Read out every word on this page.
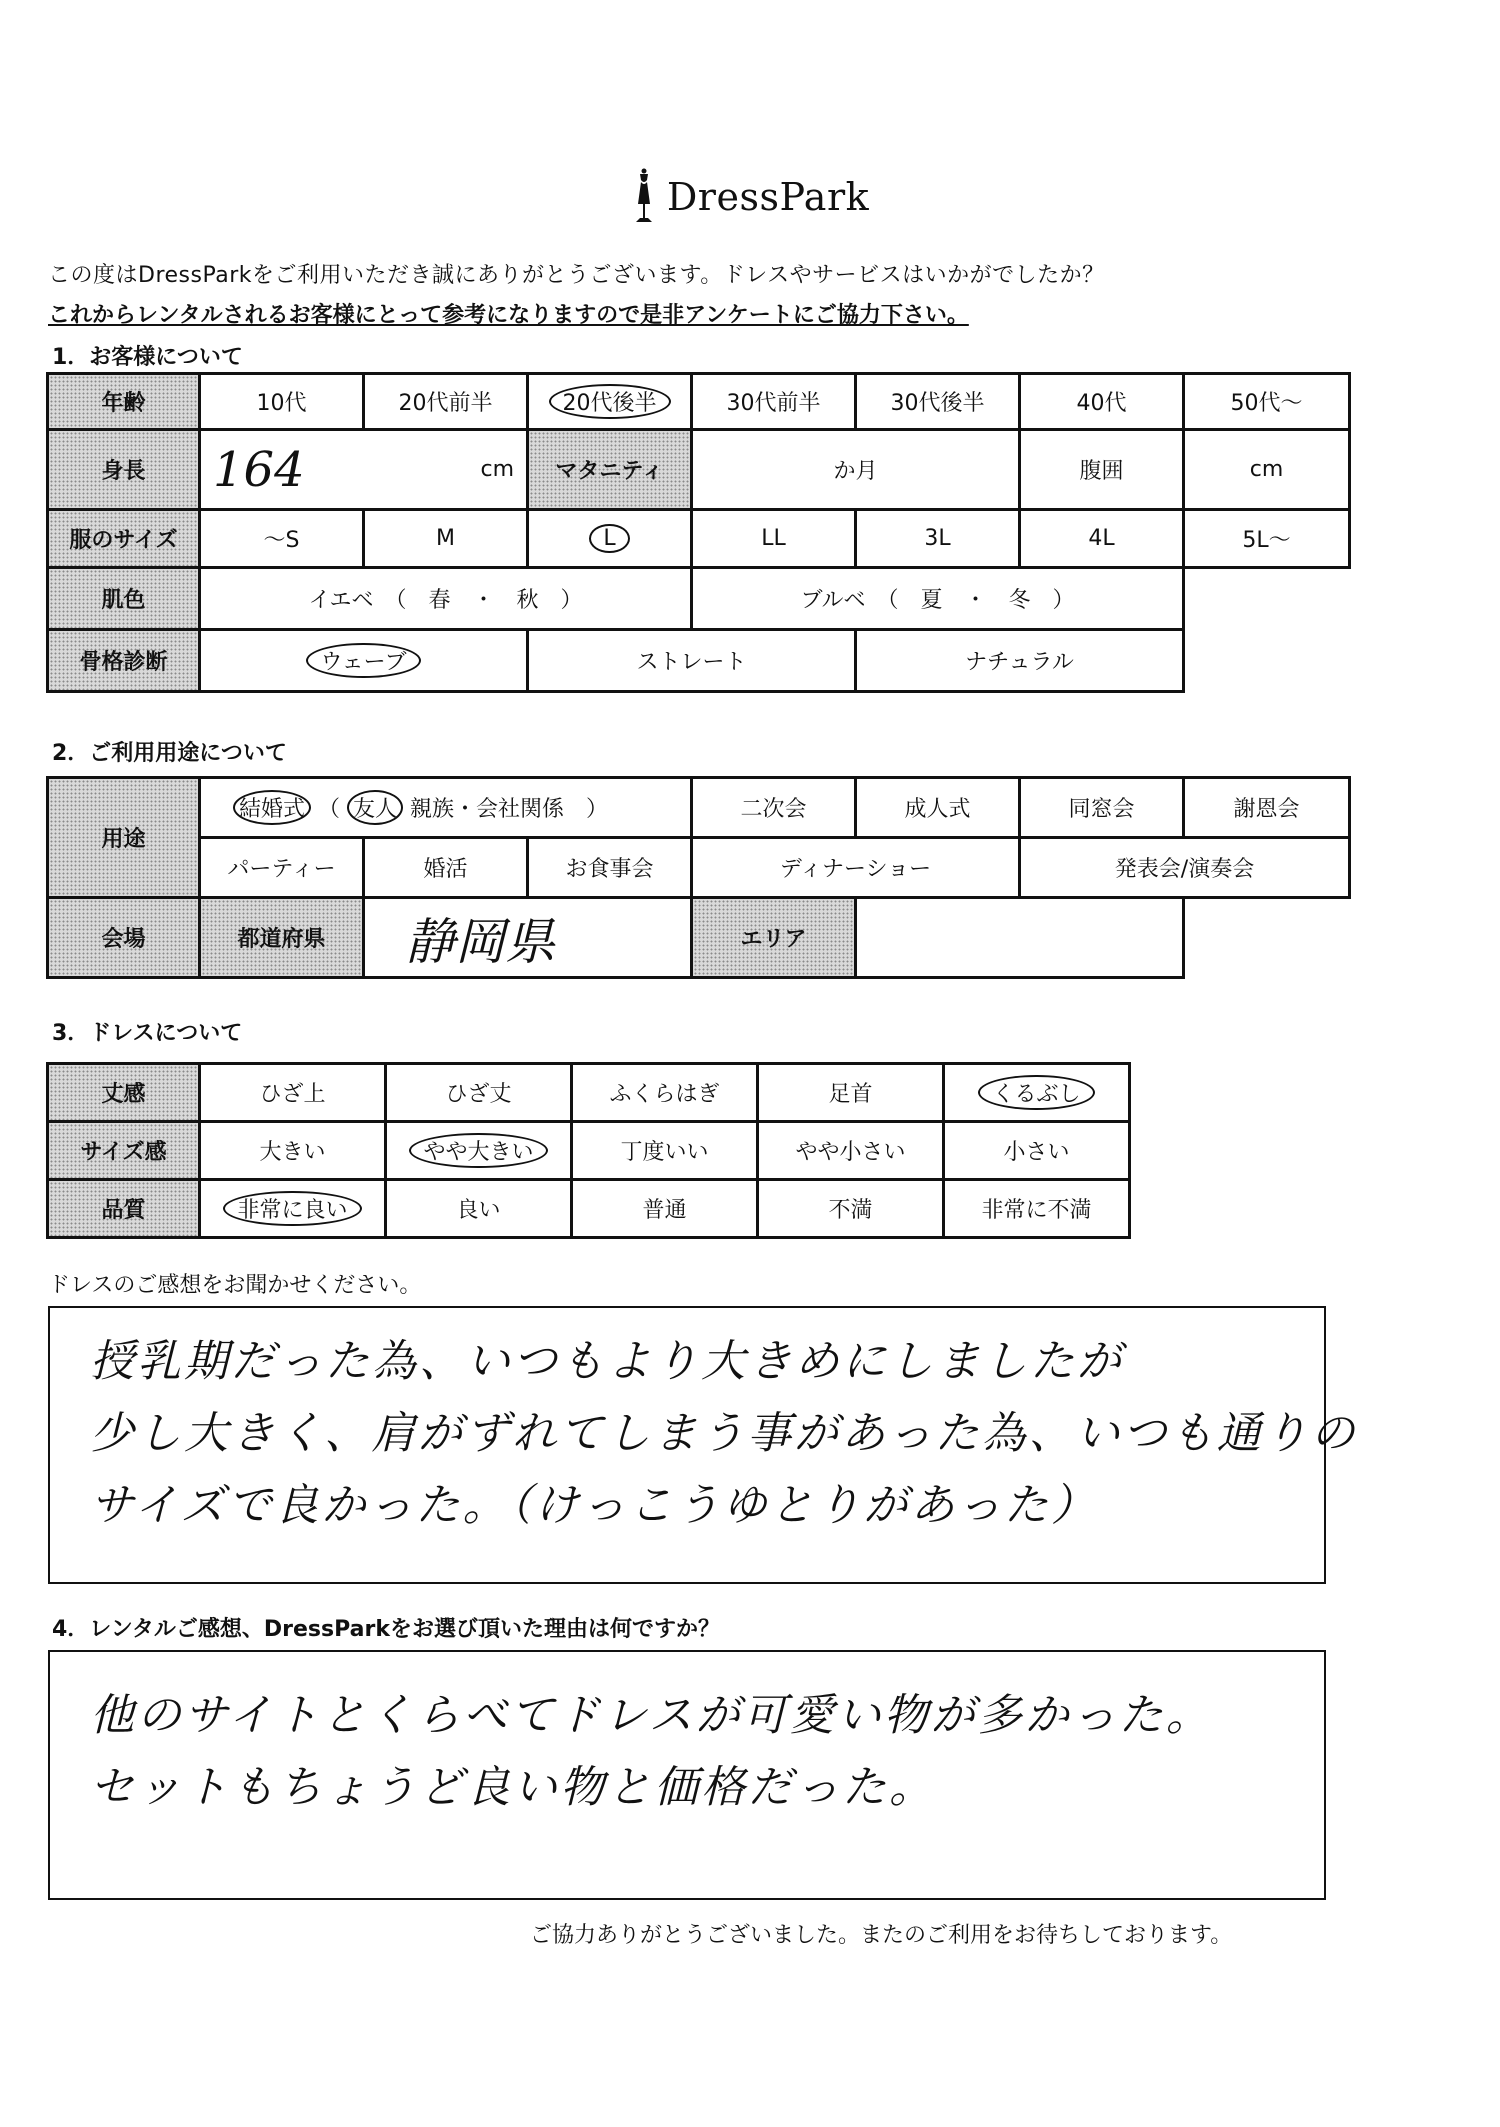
DressPark
この度はDressParkをご利用いただき誠にありがとうございます。ドレスやサービスはいかがでしたか？
これからレンタルされるお客様にとって参考になりますので是非アンケートにご協力下さい。
1．お客様について
年齢	10代	20代前半	20代後半	30代前半	30代後半	40代	50代〜
身長	164 cm		マタニティ	か月		腹囲	cm
服のサイズ	〜S	M	L	LL	3L	4L	5L〜
肌色	イエベ　（　春　・　秋　）			ブルベ　（　夏　・　冬　）			
骨格診断	ウェーブ		ストレート		ナチュラル		
2．ご利用用途について
用途	結婚式 （ 友人 親族・会社関係　）			二次会	成人式	同窓会	謝恩会
	パーティー	婚活	お食事会	ディナーショー		発表会/演奏会	
会場	都道府県	静岡県		エリア			
3．ドレスについて
丈感	ひざ上	ひざ丈	ふくらはぎ	足首	くるぶし
サイズ感	大きい	やや大きい	丁度いい	やや小さい	小さい
品質	非常に良い	良い	普通	不満	非常に不満
ドレスのご感想をお聞かせください。
授乳期だった為、いつもより大きめにしましたが
少し大きく、肩がずれてしまう事があった為、いつも通りの
サイズで良かった。（けっこうゆとりがあった）
4．レンタルご感想、DressParkをお選び頂いた理由は何ですか？
他のサイトとくらべてドレスが可愛い物が多かった。
セットもちょうど良い物と価格だった。
ご協力ありがとうございました。またのご利用をお待ちしております。
